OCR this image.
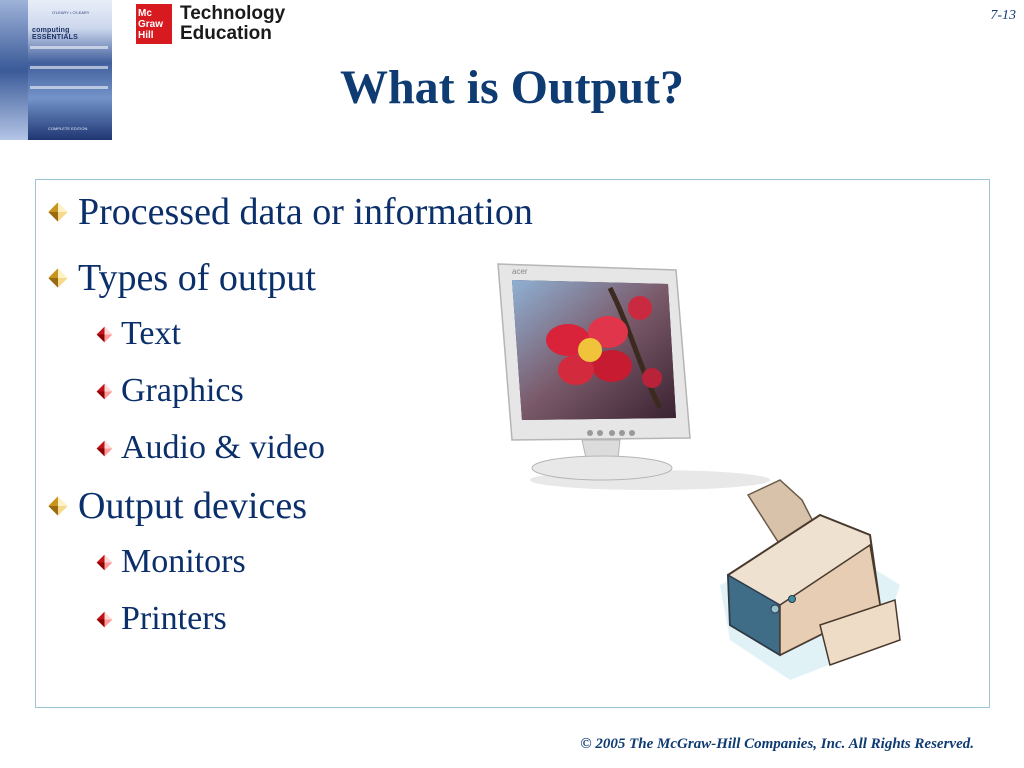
O'LEARY • O'LEARY
computing ESSENTIALS
COMPLETE EDITION
Mc
Graw
Hill
Technology
Education
7-13
What is Output?
Processed data or information
Types of output
Text
Graphics
Audio & video
Output devices
Monitors
Printers
acer
© 2005 The McGraw-Hill Companies, Inc. All Rights Reserved.
